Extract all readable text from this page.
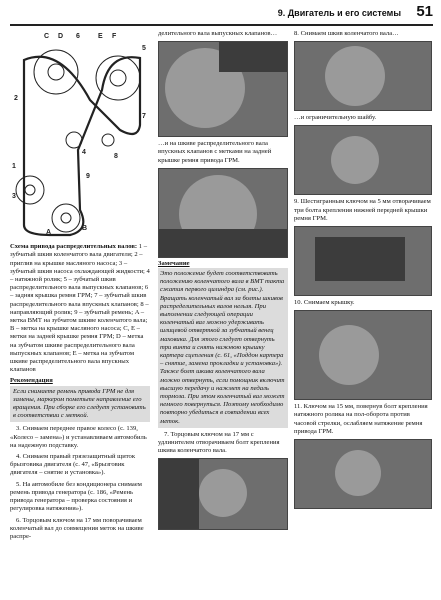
9. Двигатель и его системы 51
C D 6	E F
1
2
3
4
5
7
8
9
A
B

Схема привода распределительных валов: 1 – зубчатый шкив коленчатого вала двигателя; 2 – приглив на крышке масляного насоса; 3 – зубчатый шкив насоса охлаждающей жидкости; 4 – натяжной ролик; 5 – зубчатый шкив распределительного вала выпускных клапанов; 6 – задняя крышка ремня ГРМ; 7 – зубчатый шкив распределительного вала впускных клапанов; 8 – направляющий ролик; 9 – зубчатый ремень; A – метка ВМТ на зубчатом шкиве коленчатого вала; B – метка на крышке масляного насоса; C, E – метки на задней крышке ремня ГРМ; D – метка на зубчатом шкиве распределительного вала выпускных клапанов; E – метка на зубчатом шкиве распределительного вала впускных клапанов

Рекомендация
Если снимаете ремень привода ГРМ не для замены, маркером пометьте направление его вращения. При сборке его следует установить в соответствии с меткой.

3. Снимаем переднее правое колесо (с. 139, «Колесо – замена») и устанавливаем автомобиль на надежную подставку.

4. Снимаем правый грязезащитный щиток брызговика двигателя (с. 47, «Брызговик двигателя – снятие и установка»).

5. На автомобиле без кондиционера снимаем ремень привода генератора (с. 186, «Ремень привода генератора – проверка состояния и регулировка натяжения»).

6. Торцовым ключом на 17 мм поворачиваем коленчатый вал до совмещения меток на шкиве распре-

делительного вала выпускных клапанов…

…и на шкиве распределительного вала впускных клапанов с метками на задней крышке ремня привода ГРМ.

Замечание
Это положение будет соответствовать положению коленчатого вала в ВМТ такта сжатия первого цилиндра (см. рис.). Вращать коленчатый вал за болты шкивов распределительных валов нельзя. При выполнении следующей операции коленчатый вал можно удерживать шлицевой отверткой за зубчатый венец маховика. Для этого следует отвернуть три винта и снять нижнюю крышку картера сцепления (с. 61, «Поддон картера – снятие, замена прокладки и установка»). Также болт шкива коленчатого вала можно отвернуть, если помощник включит высшую передачу и нажмет на педаль тормоза. При этом коленчатый вал может немного повернуться. Поэтому необходимо повторно убедиться в совпадении всех меток.

7. Торцовым ключом на 17 мм с удлинителем отворачиваем болт крепления шкива коленчатого вала.

8. Снимаем шкив коленчатого вала…

…и ограничительную шайбу.

9. Шестигранным ключом на 5 мм отворачиваем три болта крепления нижней передней крышки ремня ГРМ.

10. Снимаем крышку.

11. Ключом на 15 мм, повернув болт крепления натяжного ролика на пол-оборота против часовой стрелки, ослабляем натяжение ремня привода ГРМ.
